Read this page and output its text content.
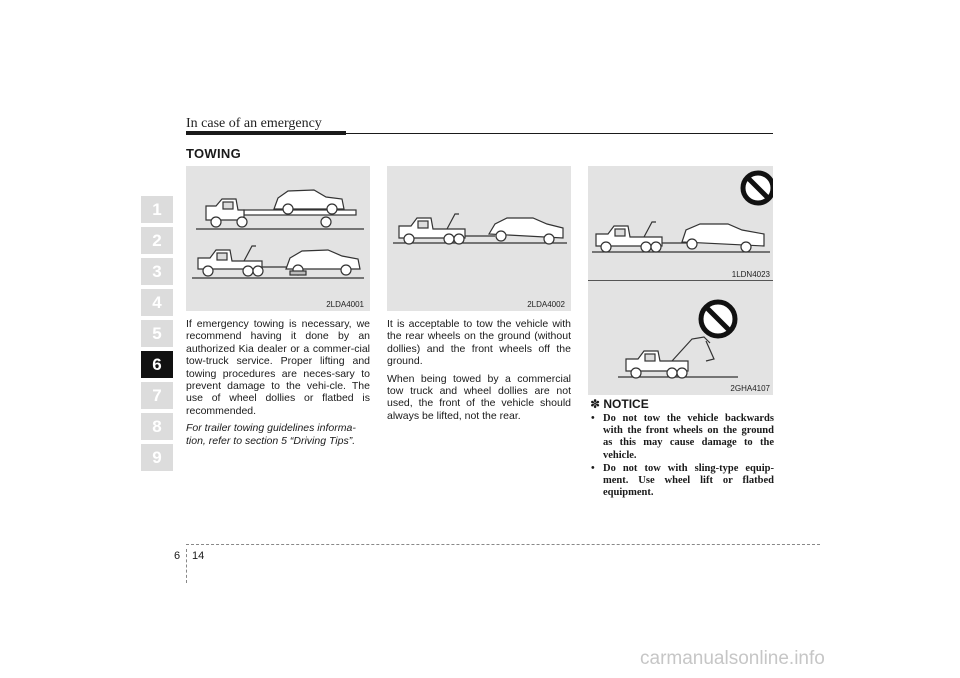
In case of an emergency
TOWING
1
2
3
4
5
6
7
8
9
2LDA4001	2LDA4002
1LDN4023
2GHA4107

If emergency towing is necessary, we recommend having it done by an authorized Kia dealer or a commer-cial tow-truck service. Proper lifting and towing procedures are neces-sary to prevent damage to the vehi-cle. The use of wheel dollies or flatbed is recommended.

For trailer towing guidelines informa-tion, refer to section 5 “Driving Tips”.

It is acceptable to tow the vehicle with the rear wheels on the ground (without dollies) and the front wheels off the ground.

When being towed by a commercial tow truck and wheel dollies are not used, the front of the vehicle should always be lifted, not the rear.

✽ NOTICE
• Do not tow the vehicle backwards with the front wheels on the ground as this may cause damage to the vehicle.
• Do not tow with sling-type equip-ment. Use wheel lift or flatbed equipment.
6 14
carmanualsonline.info
